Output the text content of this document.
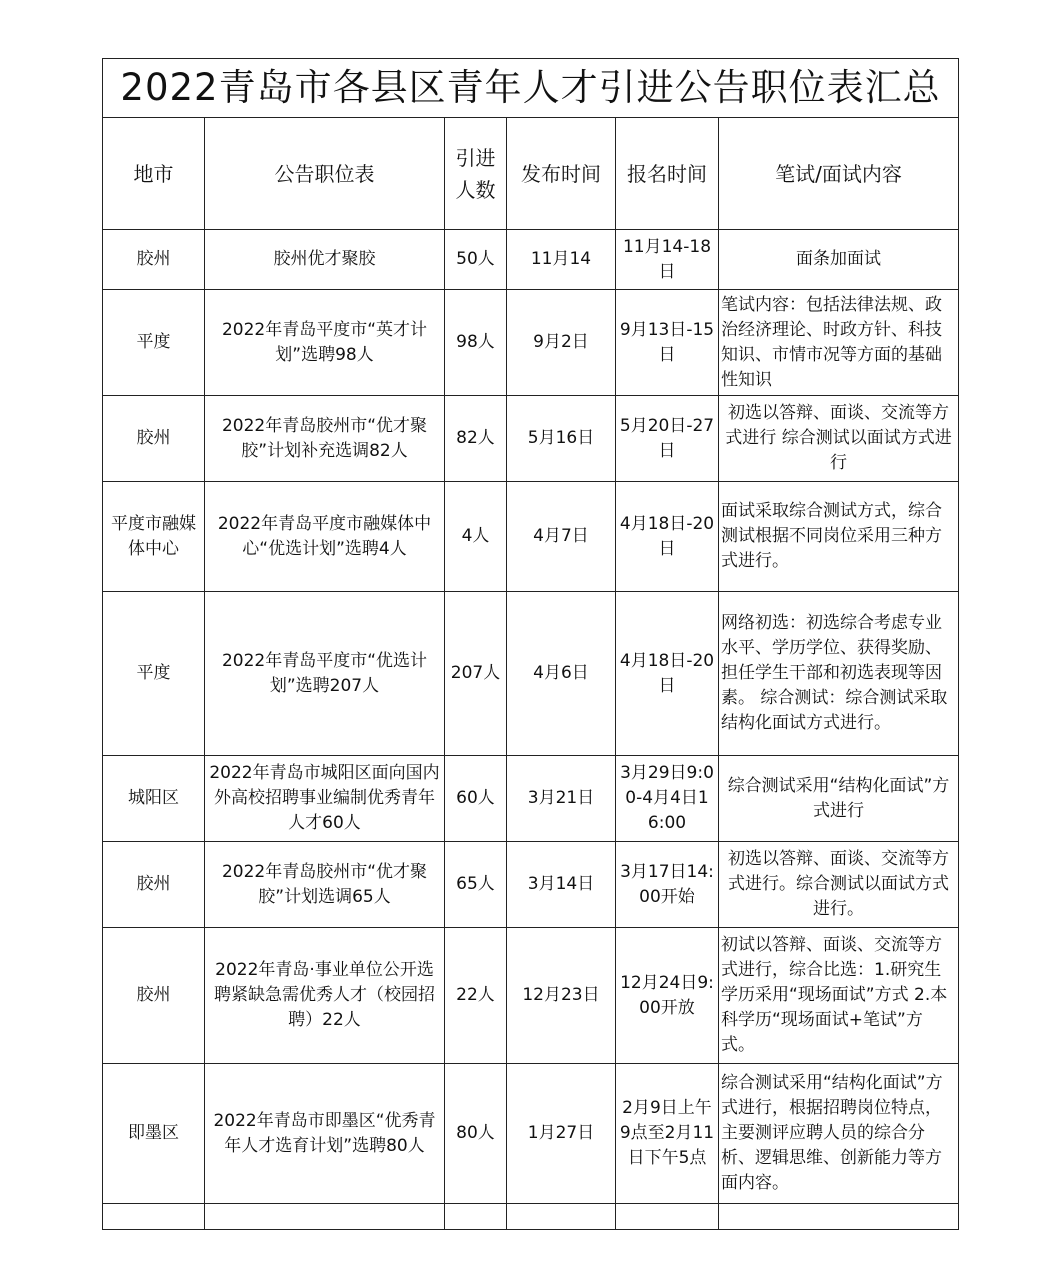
2022青岛市各县区青年人才引进公告职位表汇总					
地市	公告职位表	引进人数	发布时间	报名时间	笔试/面试内容
胶州	胶州优才聚胶	50人	11月14	11月14-18日	面条加面试
平度	2022年青岛平度市“英才计划”选聘98人	98人	9月2日	9月13日-15日	笔试内容：包括法律法规、政治经济理论、时政方针、科技知识、市情市况等方面的基础性知识
胶州	2022年青岛胶州市“优才聚胶”计划补充选调82人	82人	5月16日	5月20日-27日	初选以答辩、面谈、交流等方式进行 综合测试以面试方式进行
平度市融媒体中心	2022年青岛平度市融媒体中心“优选计划”选聘4人	4人	4月7日	4月18日-20日	面试采取综合测试方式，综合测试根据不同岗位采用三种方式进行。
平度	2022年青岛平度市“优选计划”选聘207人	207人	4月6日	4月18日-20日	网络初选：初选综合考虑专业水平、学历学位、获得奖励、担任学生干部和初选表现等因素。 综合测试：综合测试采取结构化面试方式进行。
城阳区	2022年青岛市城阳区面向国内外高校招聘事业编制优秀青年人才60人	60人	3月21日	3月29日9:00-4月4日16:00	综合测试采用“结构化面试”方式进行
胶州	2022年青岛胶州市“优才聚胶”计划选调65人	65人	3月14日	3月17日14:00开始	初选以答辩、面谈、交流等方式进行。综合测试以面试方式进行。
胶州	2022年青岛·事业单位公开选聘紧缺急需优秀人才（校园招聘）22人	22人	12月23日	12月24日9:00开放	初试以答辩、面谈、交流等方式进行，综合比选：1.研究生学历采用“现场面试”方式 2.本科学历“现场面试+笔试”方式。
即墨区	2022年青岛市即墨区“优秀青年人才选育计划”选聘80人	80人	1月27日	2月9日上午9点至2月11日下午5点	综合测试采用“结构化面试”方式进行，根据招聘岗位特点，主要测评应聘人员的综合分析、逻辑思维、创新能力等方面内容。
